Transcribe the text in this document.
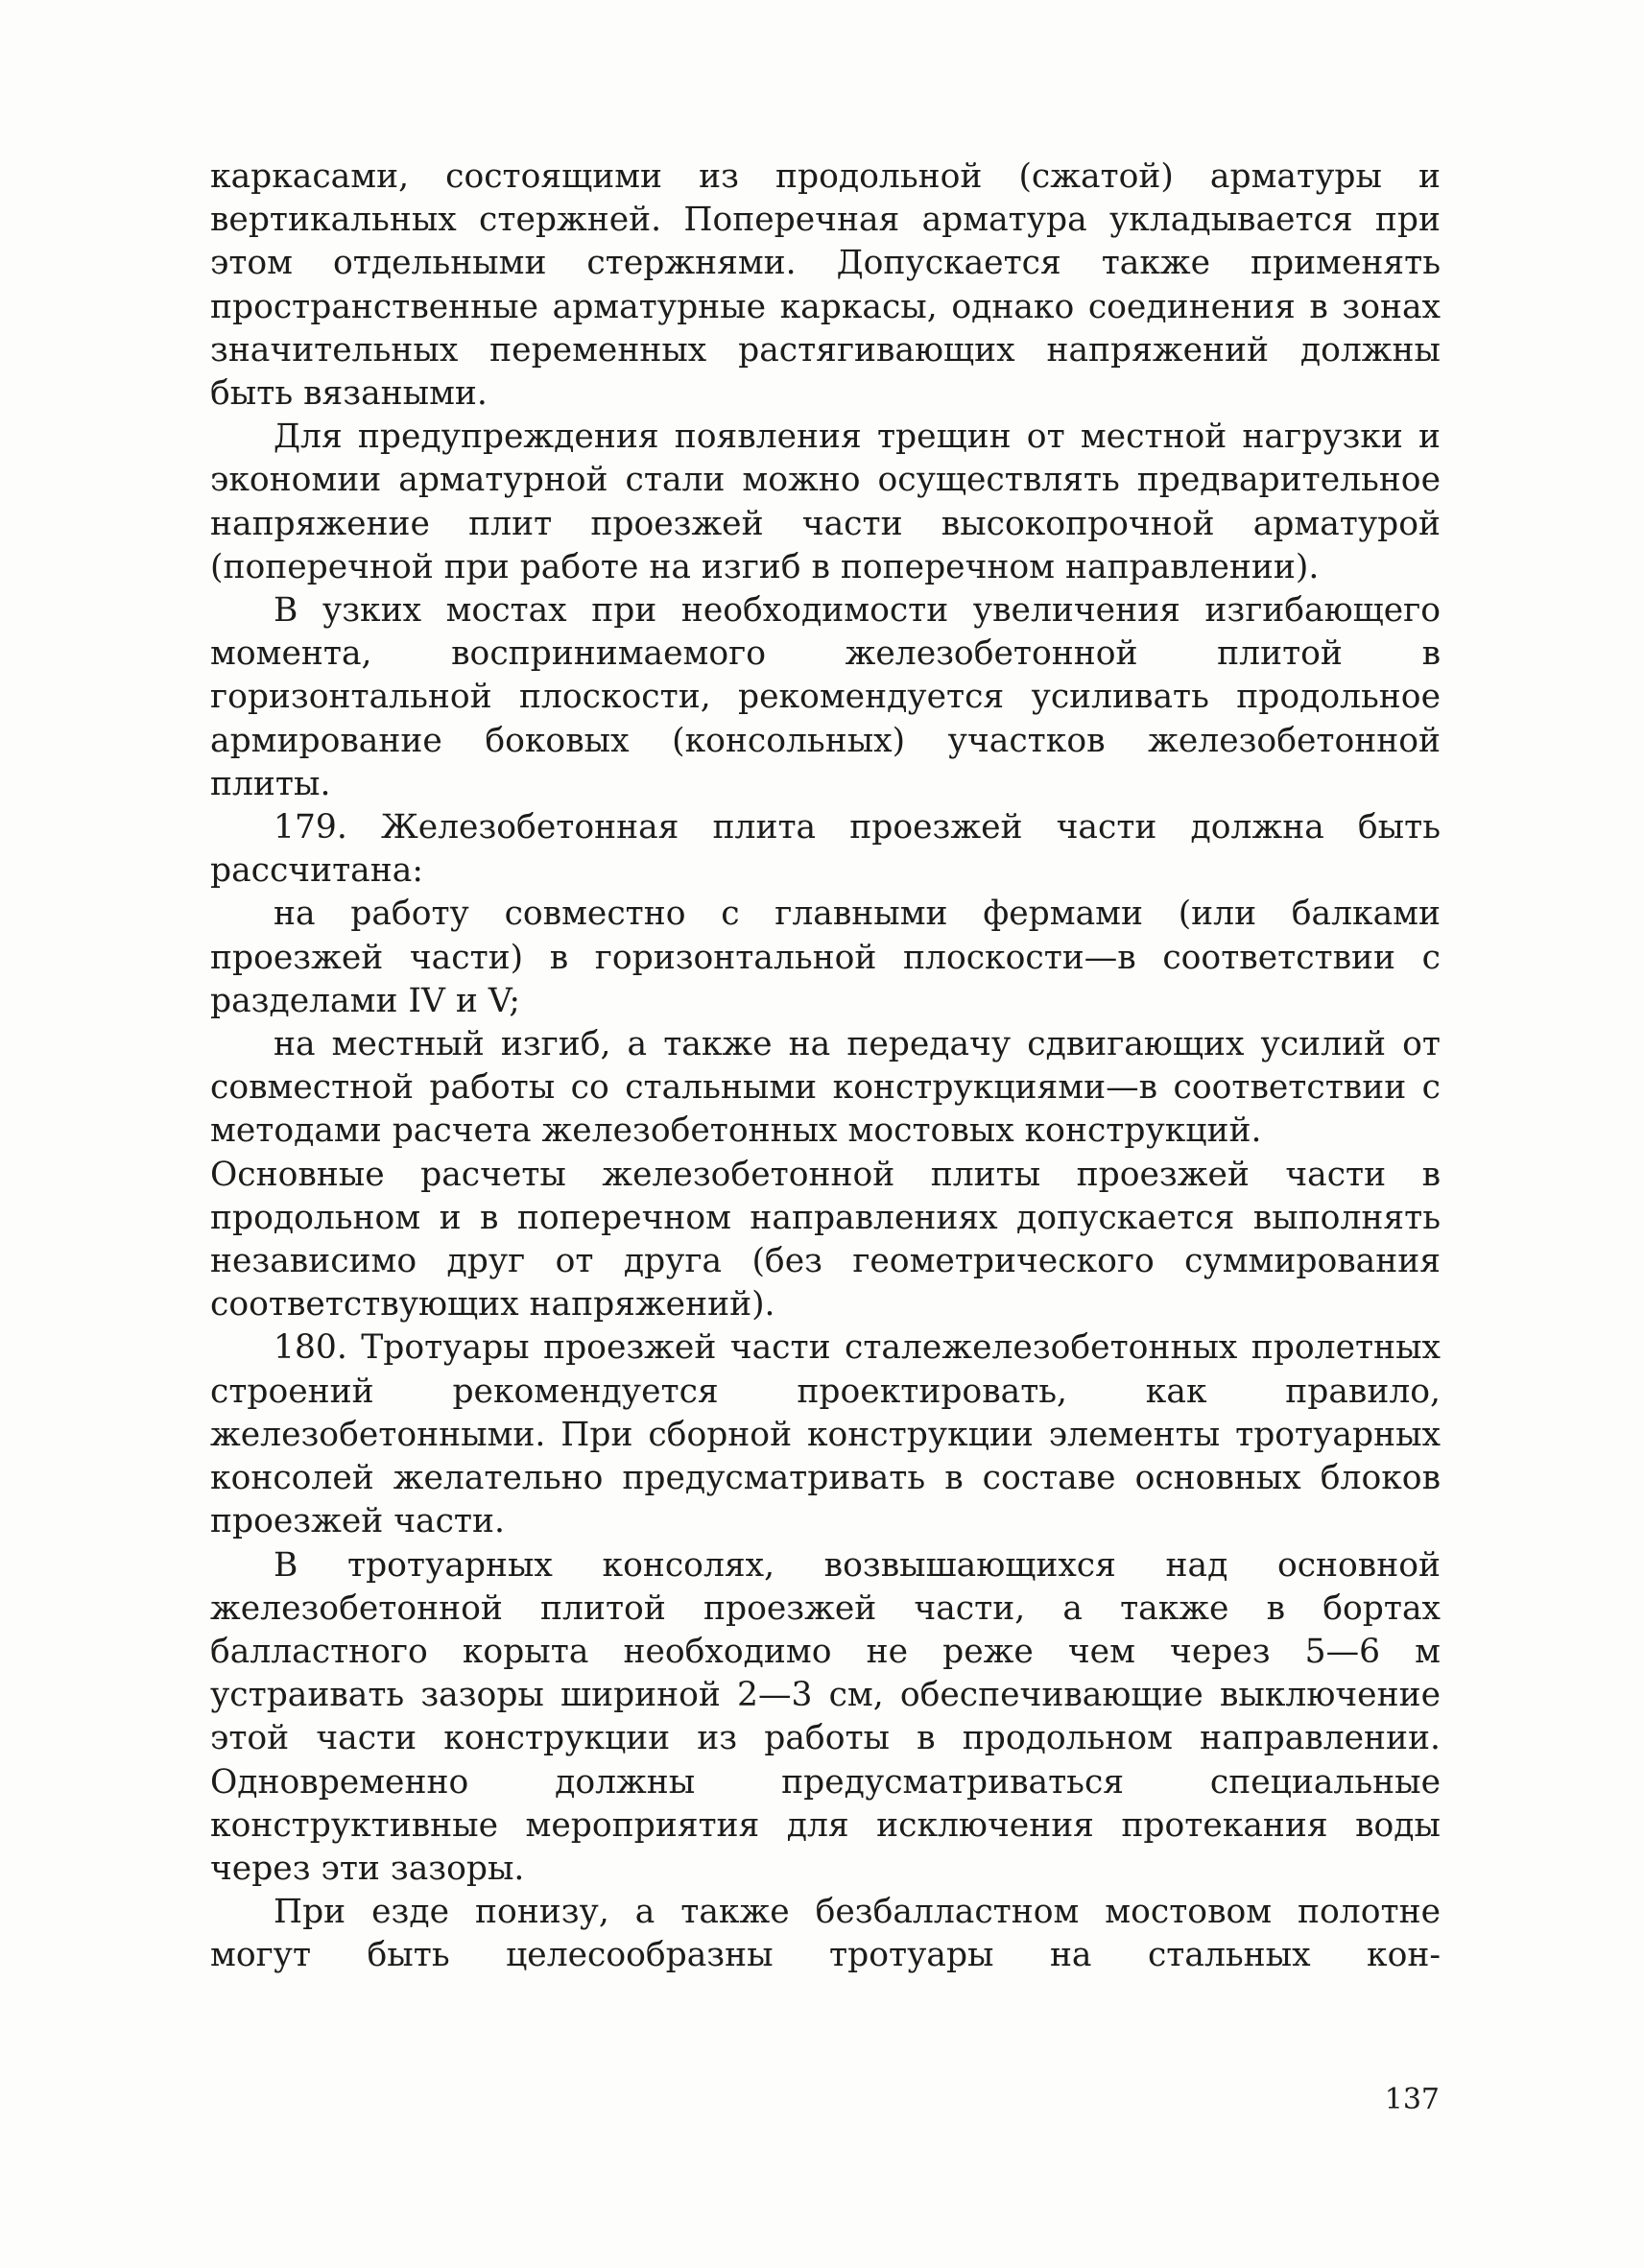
каркасами, состоящими из продольной (сжатой) арматуры и вертикальных стержней. Поперечная арматура укладывается при этом отдельными стержнями. Допускается также применять пространственные арматурные каркасы, однако соединения в зонах значительных переменных растягивающих напряжений должны быть вязаными.

Для предупреждения появления трещин от местной нагрузки и экономии арматурной стали можно осуществлять предварительное напряжение плит проезжей части высокопрочной арматурой (поперечной при работе на изгиб в поперечном направлении).

В узких мостах при необходимости увеличения изгибающего момента, воспринимаемого железобетонной плитой в горизонтальной плоскости, рекомендуется усиливать продольное армирование боковых (консольных) участков железобетонной плиты.

179. Железобетонная плита проезжей части должна быть рассчитана:

на работу совместно с главными фермами (или балками проезжей части) в горизонтальной плоскости—в соответствии с разделами IV и V;

на местный изгиб, а также на передачу сдвигающих усилий от совместной работы со стальными конструкциями—в соответствии с методами расчета железобетонных мостовых конструкций.

Основные расчеты железобетонной плиты проезжей части в продольном и в поперечном направлениях допускается выполнять независимо друг от друга (без геометрического суммирования соответствующих напряжений).

180. Тротуары проезжей части сталежелезобетонных пролетных строений рекомендуется проектировать, как правило, железобетонными. При сборной конструкции элементы тротуарных консолей желательно предусматривать в составе основных блоков проезжей части.

В тротуарных консолях, возвышающихся над основной железобетонной плитой проезжей части, а также в бортах балластного корыта необходимо не реже чем через 5—6 м устраивать зазоры шириной 2—3 см, обеспечивающие выключение этой части конструкции из работы в продольном направлении. Одновременно должны предусматриваться специальные конструктивные мероприятия для исключения протекания воды через эти зазоры.

При езде понизу, а также безбалластном мостовом полотне могут быть целесообразны тротуары на стальных кон-

137
